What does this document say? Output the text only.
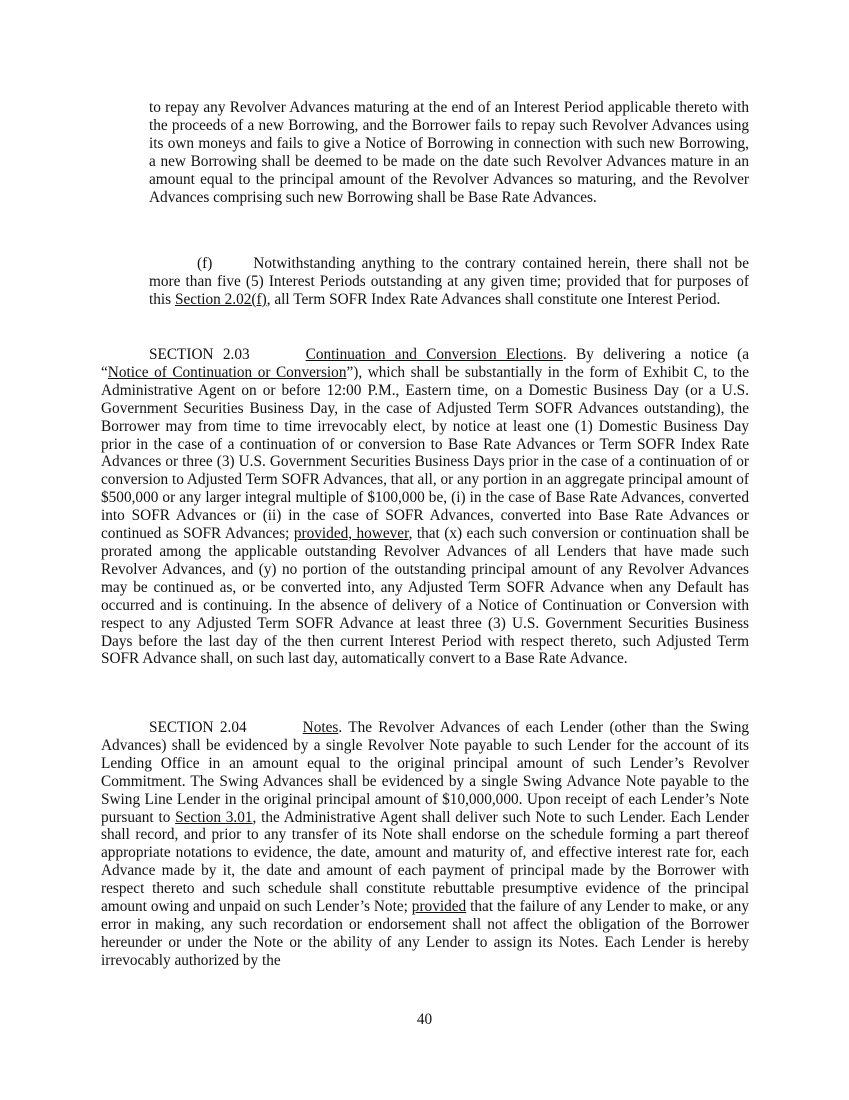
to repay any Revolver Advances maturing at the end of an Interest Period applicable thereto with the proceeds of a new Borrowing, and the Borrower fails to repay such Revolver Advances using its own moneys and fails to give a Notice of Borrowing in connection with such new Borrowing, a new Borrowing shall be deemed to be made on the date such Revolver Advances mature in an amount equal to the principal amount of the Revolver Advances so maturing, and the Revolver Advances comprising such new Borrowing shall be Base Rate Advances.

(f)	Notwithstanding anything to the contrary contained herein, there shall not be more than five (5) Interest Periods outstanding at any given time; provided that for purposes of this Section 2.02(f), all Term SOFR Index Rate Advances shall constitute one Interest Period.

SECTION 2.03	Continuation and Conversion Elections. By delivering a notice (a “Notice of Continuation or Conversion”), which shall be substantially in the form of Exhibit C, to the Administrative Agent on or before 12:00 P.M., Eastern time, on a Domestic Business Day (or a U.S. Government Securities Business Day, in the case of Adjusted Term SOFR Advances outstanding), the Borrower may from time to time irrevocably elect, by notice at least one (1) Domestic Business Day prior in the case of a continuation of or conversion to Base Rate Advances or Term SOFR Index Rate Advances or three (3) U.S. Government Securities Business Days prior in the case of a continuation of or conversion to Adjusted Term SOFR Advances, that all, or any portion in an aggregate principal amount of $500,000 or any larger integral multiple of $100,000 be, (i) in the case of Base Rate Advances, converted into SOFR Advances or (ii) in the case of SOFR Advances, converted into Base Rate Advances or continued as SOFR Advances; provided, however, that (x) each such conversion or continuation shall be prorated among the applicable outstanding Revolver Advances of all Lenders that have made such Revolver Advances, and (y) no portion of the outstanding principal amount of any Revolver Advances may be continued as, or be converted into, any Adjusted Term SOFR Advance when any Default has occurred and is continuing. In the absence of delivery of a Notice of Continuation or Conversion with respect to any Adjusted Term SOFR Advance at least three (3) U.S. Government Securities Business Days before the last day of the then current Interest Period with respect thereto, such Adjusted Term SOFR Advance shall, on such last day, automatically convert to a Base Rate Advance.

SECTION 2.04	Notes. The Revolver Advances of each Lender (other than the Swing Advances) shall be evidenced by a single Revolver Note payable to such Lender for the account of its Lending Office in an amount equal to the original principal amount of such Lender’s Revolver Commitment. The Swing Advances shall be evidenced by a single Swing Advance Note payable to the Swing Line Lender in the original principal amount of $10,000,000. Upon receipt of each Lender’s Note pursuant to Section 3.01, the Administrative Agent shall deliver such Note to such Lender. Each Lender shall record, and prior to any transfer of its Note shall endorse on the schedule forming a part thereof appropriate notations to evidence, the date, amount and maturity of, and effective interest rate for, each Advance made by it, the date and amount of each payment of principal made by the Borrower with respect thereto and such schedule shall constitute rebuttable presumptive evidence of the principal amount owing and unpaid on such Lender’s Note; provided that the failure of any Lender to make, or any error in making, any such recordation or endorsement shall not affect the obligation of the Borrower hereunder or under the Note or the ability of any Lender to assign its Notes. Each Lender is hereby irrevocably authorized by the

40
